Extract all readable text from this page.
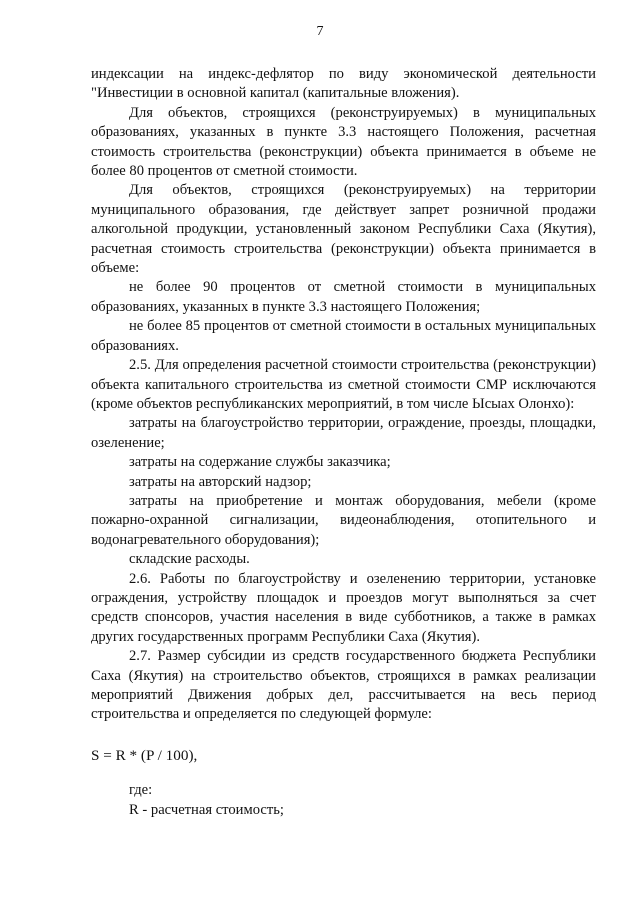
7

индексации на индекс-дефлятор по виду экономической деятельности "Инвестиции в основной капитал (капитальные вложения).

Для объектов, строящихся (реконструируемых) в муниципальных образованиях, указанных в пункте 3.3 настоящего Положения, расчетная стоимость строительства (реконструкции) объекта принимается в объеме не более 80 процентов от сметной стоимости.

Для объектов, строящихся (реконструируемых) на территории муниципального образования, где действует запрет розничной продажи алкогольной продукции, установленный законом Республики Саха (Якутия), расчетная стоимость строительства (реконструкции) объекта принимается в объеме:

не более 90 процентов от сметной стоимости в муниципальных образованиях, указанных в пункте 3.3 настоящего Положения;

не более 85 процентов от сметной стоимости в остальных муниципальных образованиях.

2.5. Для определения расчетной стоимости строительства (реконструкции) объекта капитального строительства из сметной стоимости СМР исключаются (кроме объектов республиканских мероприятий, в том числе Ысыах Олонхо):

затраты на благоустройство территории, ограждение, проезды, площадки, озеленение;

затраты на содержание службы заказчика;

затраты на авторский надзор;

затраты на приобретение и монтаж оборудования, мебели (кроме пожарно-охранной сигнализации, видеонаблюдения, отопительного и водонагревательного оборудования);

складские расходы.

2.6. Работы по благоустройству и озеленению территории, установке ограждения, устройству площадок и проездов могут выполняться за счет средств спонсоров, участия населения в виде субботников, а также в рамках других государственных программ Республики Саха (Якутия).

2.7. Размер субсидии из средств государственного бюджета Республики Саха (Якутия) на строительство объектов, строящихся в рамках реализации мероприятий Движения добрых дел, рассчитывается на весь период строительства и определяется по следующей формуле:

S = R * (P / 100),

где:

R - расчетная стоимость;
